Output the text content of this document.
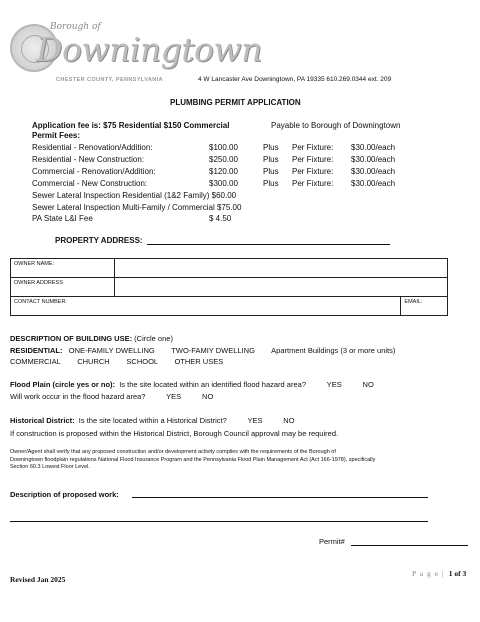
Borough of
Downingtown
CHESTER COUNTY, PENNSYLVANIA	4 W Lancaster Ave Downingtown, PA 19335 610.269.0344 ext. 209
PLUMBING PERMIT APPLICATION
Application fee is: $75 Residential $150 Commercial	Payable to Borough of Downingtown
Permit Fees:
Residential - Renovation/Addition:	$100.00	Plus Per Fixture: $30.00/each
Residential - New Construction:	$250.00	Plus Per Fixture: $30.00/each
Commercial - Renovation/Addition:	$120.00	Plus Per Fixture: $30.00/each
Commercial - New Construction:	$300.00	Plus Per Fixture: $30.00/each
Sewer Lateral Inspection Residential (1&2 Family) $60.00
Sewer Lateral Inspection Multi-Family / Commercial $75.00
PA State L&I Fee	$ 4.50
PROPERTY ADDRESS:
OWNER NAME:		
OWNER ADDRESS		
CONTACT NUMBER:		EMAIL:
DESCRIPTION OF BUILDING USE: (Circle one)
RESIDENTIAL: ONE-FAMILY DWELLING        TWO-FAMIY DWELLING        Apartment Buildings (3 or more units)
COMMERCIAL        CHURCH        SCHOOL        OTHER USES
Flood Plain (circle yes or no):  Is the site located within an identified flood hazard area?          YES          NO
Will work occur in the flood hazard area?          YES          NO
Historical District:  Is the site located within a Historical District?          YES          NO
If construction is proposed within the Historical District, Borough Council approval may be required.
Owner/Agent shall verify that any proposed construction and/or development activity complies with the requirements of the Borough of
Downingtown floodplain regulations National Flood Insurance Program and the Pennsylvania Flood Plain Management Act (Act 166-1978), specifically
Section 60.3 Lowest Floor Level.
Description of proposed work:
Permit#
P a g e | 1 of 3
Revised Jan 2025
